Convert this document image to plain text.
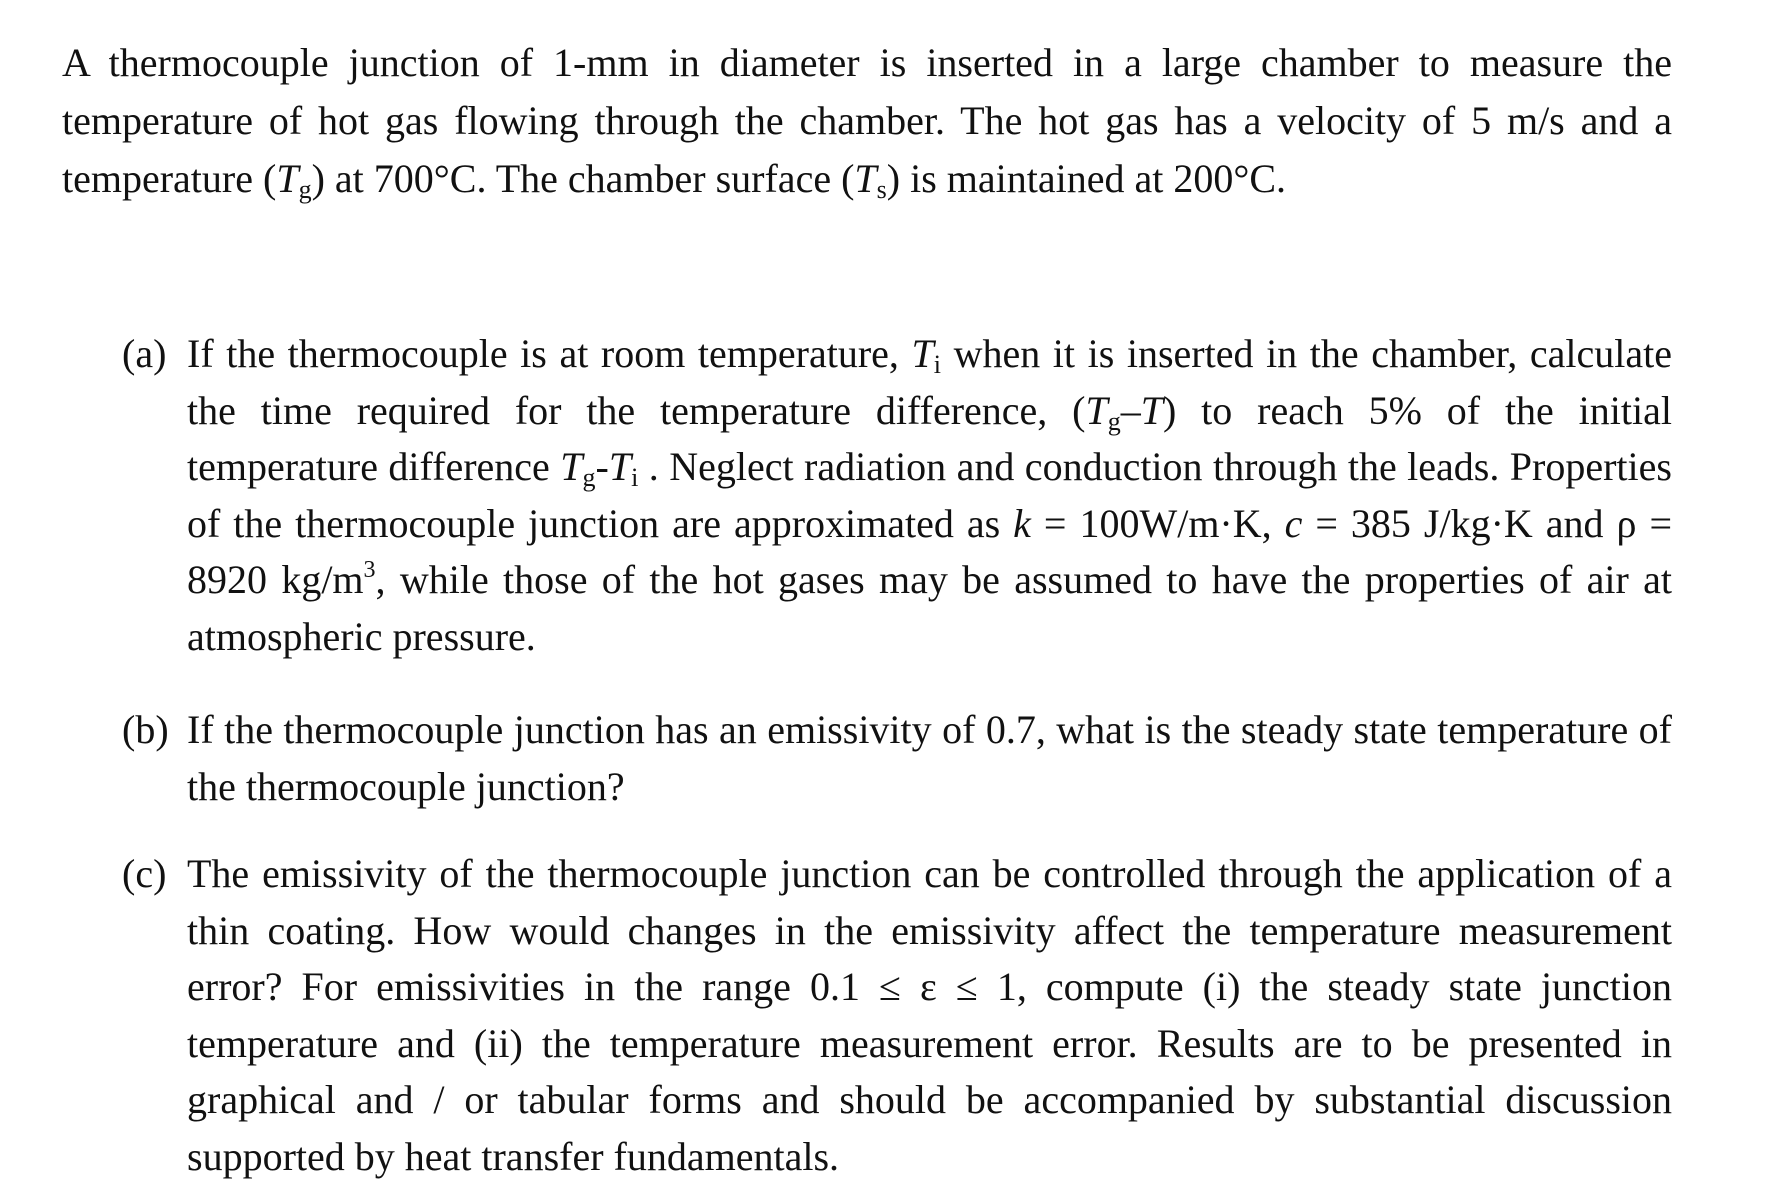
A thermocouple junction of 1-mm in diameter is inserted in a large chamber to measure the temperature of hot gas flowing through the chamber. The hot gas has a velocity of 5 m/s and a temperature $(T_g)$ at 700°C. The chamber surface $(T_s)$ is maintained at 200°C.

(a) If the thermocouple is at room temperature, $T_i$ when it is inserted in the chamber, calculate the time required for the temperature difference, $(T_g-T)$ to reach 5% of the initial temperature difference $T_g-T_i$ . Neglect radiation and conduction through the leads. Properties of the thermocouple junction are approximated as k = 100W/m·K, c = 385 J/kg·K and ρ = 8920 $kg/m^3$, while those of the hot gases may be assumed to have the properties of air at atmospheric pressure.

(b) If the thermocouple junction has an emissivity of 0.7, what is the steady state temperature of the thermocouple junction?

(c) The emissivity of the thermocouple junction can be controlled through the application of a thin coating. How would changes in the emissivity affect the temperature measurement error? For emissivities in the range 0.1 ≤ ε ≤ 1, compute (i) the steady state junction temperature and (ii) the temperature measurement error. Results are to be presented in graphical and / or tabular forms and should be accompanied by substantial discussion supported by heat transfer fundamentals.
